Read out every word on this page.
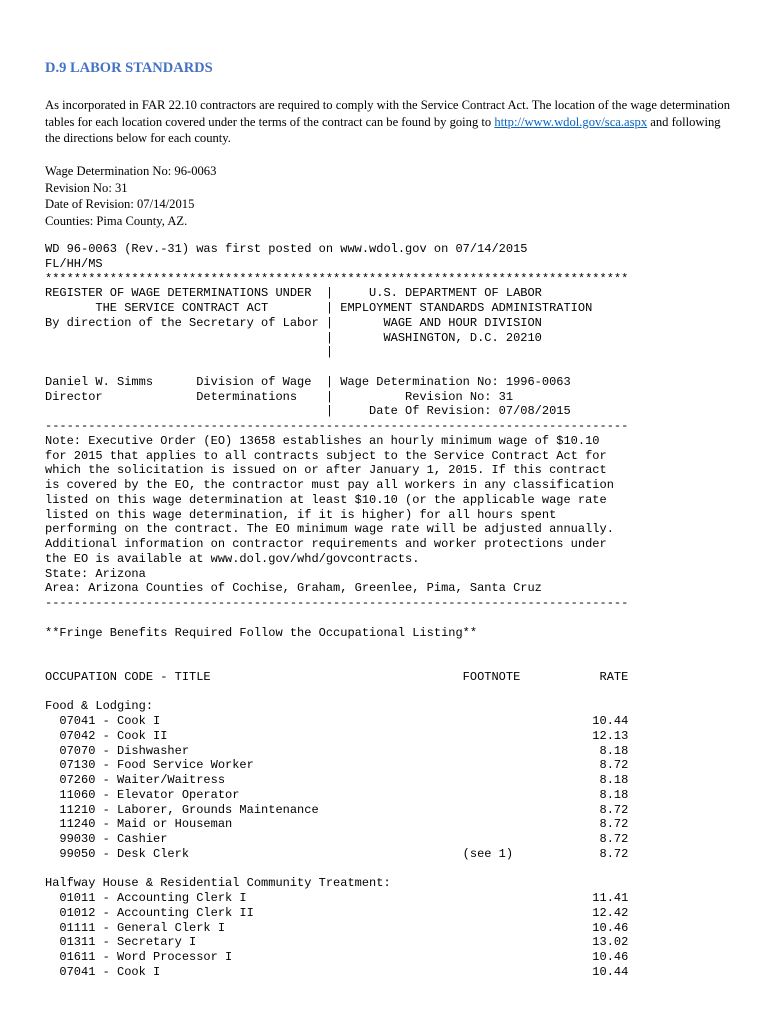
D.9 LABOR STANDARDS
As incorporated in FAR 22.10 contractors are required to comply with the Service Contract Act. The location of the wage determination tables for each location covered under the terms of the contract can be found by going to http://www.wdol.gov/sca.aspx and following the directions below for each county.
Wage Determination No: 96-0063
Revision No: 31
Date of Revision: 07/14/2015
Counties: Pima County, AZ.
WD 96-0063 (Rev.-31) was first posted on www.wdol.gov on 07/14/2015
FL/HH/MS
*********************************************************************************
REGISTER OF WAGE DETERMINATIONS UNDER  | U.S. DEPARTMENT OF LABOR
THE SERVICE CONTRACT ACT        | EMPLOYMENT STANDARDS ADMINISTRATION
By direction of the Secretary of Labor | WAGE AND HOUR DIVISION
| WASHINGTON, D.C. 20210
|
Daniel W. Simms      Division of Wage  | Wage Determination No: 1996-0063
Director             Determinations    | Revision No: 31
| Date Of Revision: 07/08/2015
---------------------------------------------------------------------------------
Note: Executive Order (EO) 13658 establishes an hourly minimum wage of $10.10
for 2015 that applies to all contracts subject to the Service Contract Act for
which the solicitation is issued on or after January 1, 2015. If this contract
is covered by the EO, the contractor must pay all workers in any classification
listed on this wage determination at least $10.10 (or the applicable wage rate
listed on this wage determination, if it is higher) for all hours spent
performing on the contract. The EO minimum wage rate will be adjusted annually.
Additional information on contractor requirements and worker protections under
the EO is available at www.dol.gov/whd/govcontracts.
State: Arizona
Area: Arizona Counties of Cochise, Graham, Greenlee, Pima, Santa Cruz
---------------------------------------------------------------------------------
**Fringe Benefits Required Follow the Occupational Listing**
OCCUPATION CODE - TITLE                                   FOOTNOTE           RATE
Food & Lodging:
07041 - Cook I                                                            10.44
07042 - Cook II                                                           12.13
07070 - Dishwasher                                                         8.18
07130 - Food Service Worker                                                8.72
07260 - Waiter/Waitress                                                    8.18
11060 - Elevator Operator                                                  8.18
11210 - Laborer, Grounds Maintenance                                       8.72
11240 - Maid or Houseman                                                   8.72
99030 - Cashier                                                            8.72
99050 - Desk Clerk                                      (see 1)            8.72
Halfway House & Residential Community Treatment:
01011 - Accounting Clerk I                                                11.41
01012 - Accounting Clerk II                                               12.42
01111 - General Clerk I                                                   10.46
01311 - Secretary I                                                       13.02
01611 - Word Processor I                                                  10.46
07041 - Cook I                                                            10.44
